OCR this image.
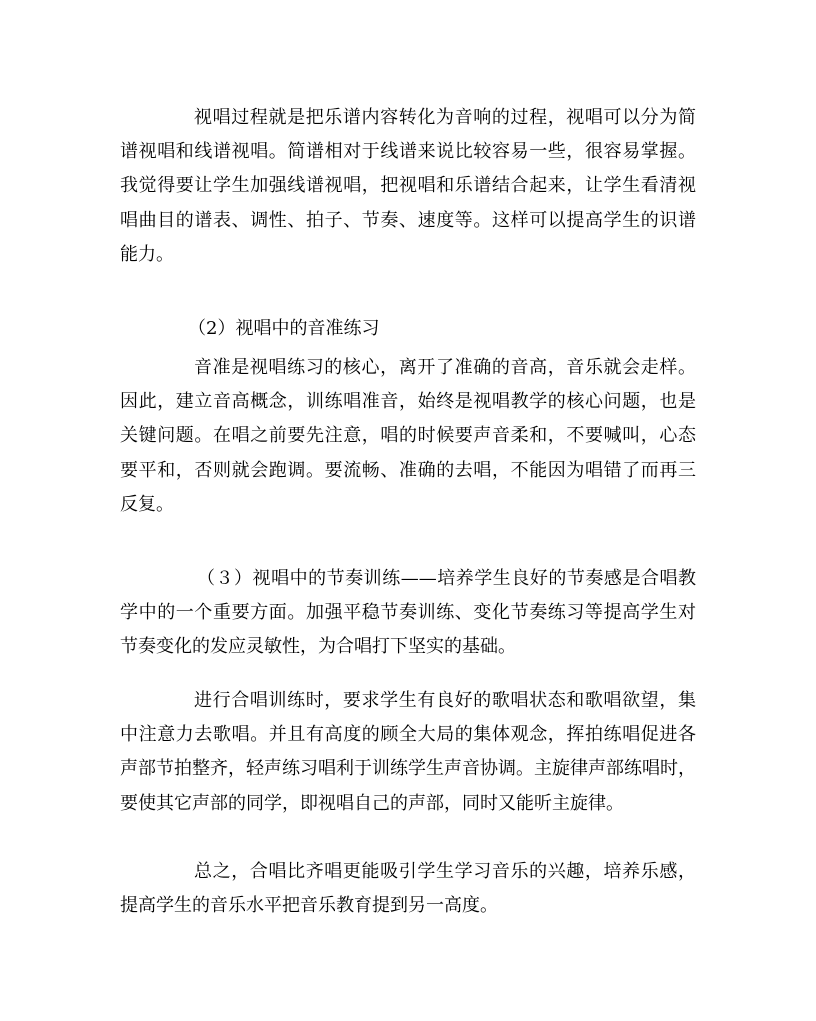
视唱过程就是把乐谱内容转化为音响的过程，视唱可以分为简
谱视唱和线谱视唱。简谱相对于线谱来说比较容易一些，很容易掌握。
我觉得要让学生加强线谱视唱，把视唱和乐谱结合起来，让学生看清视
唱曲目的谱表、调性、拍子、节奏、速度等。这样可以提高学生的识谱
能力。
（2）视唱中的音准练习
音准是视唱练习的核心，离开了准确的音高，音乐就会走样。
因此，建立音高概念，训练唱准音，始终是视唱教学的核心问题，也是
关键问题。在唱之前要先注意，唱的时候要声音柔和，不要喊叫，心态
要平和，否则就会跑调。要流畅、准确的去唱，不能因为唱错了而再三
反复。
（３）视唱中的节奏训练——培养学生良好的节奏感是合唱教
学中的一个重要方面。加强平稳节奏训练、变化节奏练习等提高学生对
节奏变化的发应灵敏性，为合唱打下坚实的基础。
进行合唱训练时，要求学生有良好的歌唱状态和歌唱欲望，集
中注意力去歌唱。并且有高度的顾全大局的集体观念，挥拍练唱促进各
声部节拍整齐，轻声练习唱利于训练学生声音协调。主旋律声部练唱时，
要使其它声部的同学，即视唱自己的声部，同时又能听主旋律。
总之，合唱比齐唱更能吸引学生学习音乐的兴趣，培养乐感，
提高学生的音乐水平把音乐教育提到另一高度。
